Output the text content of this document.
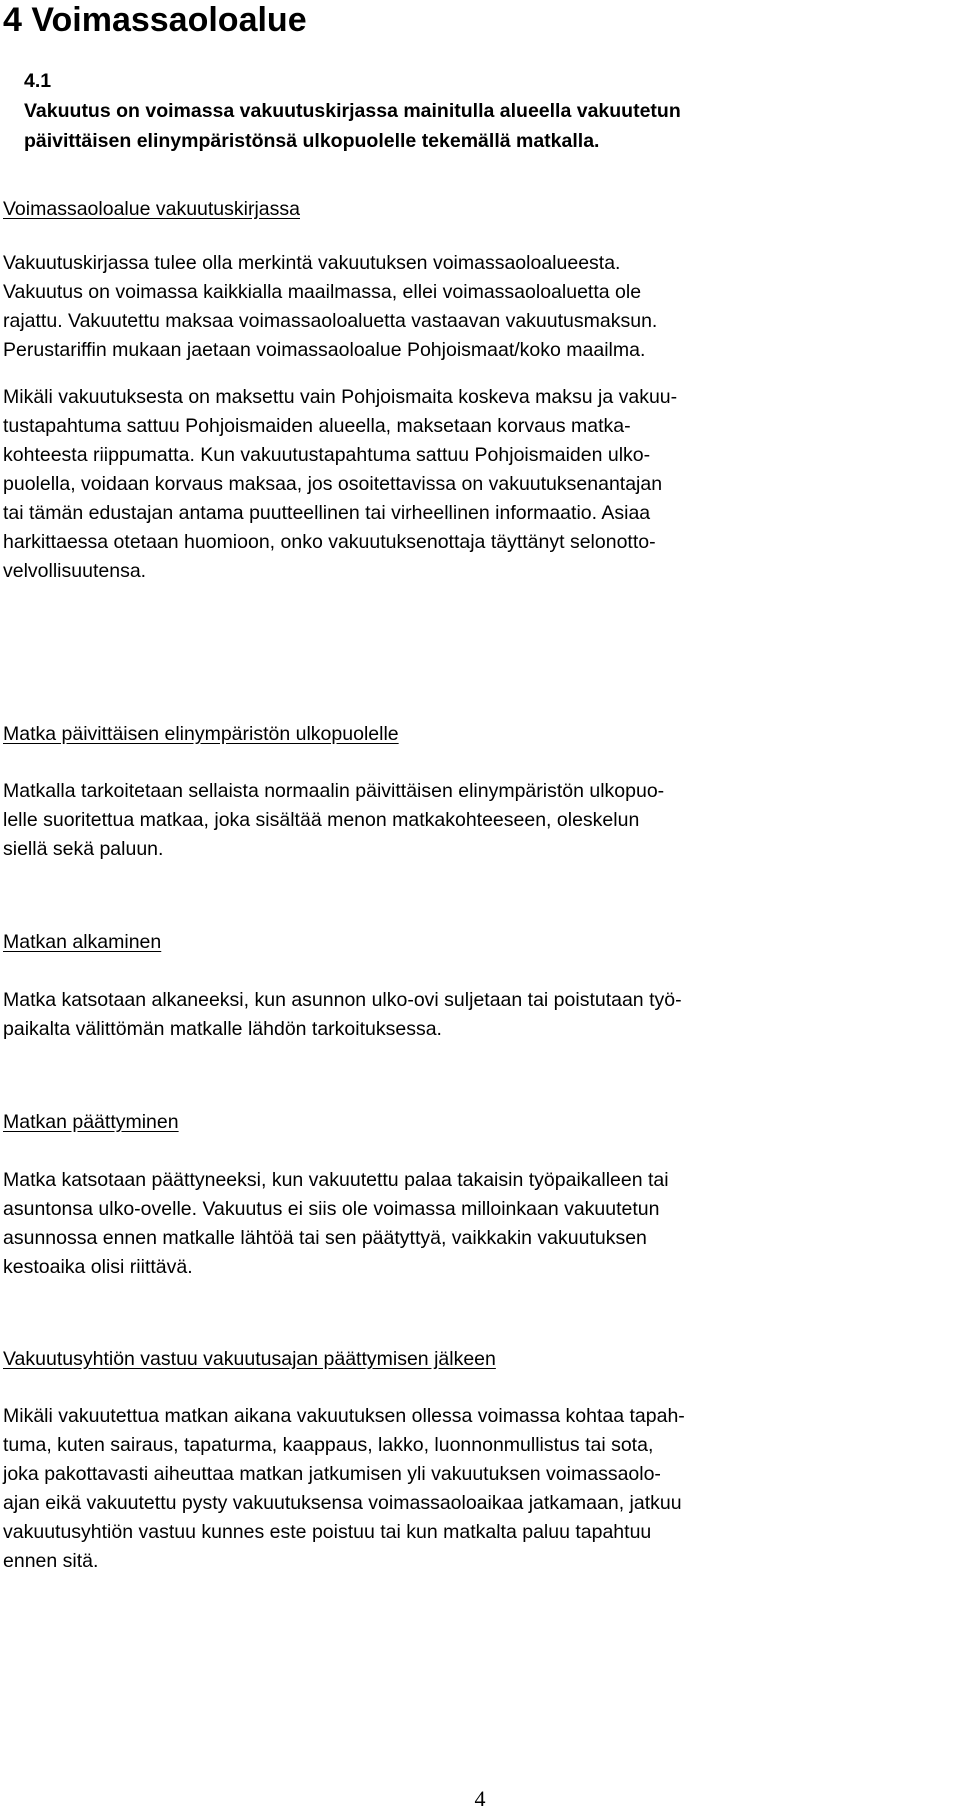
4 Voimassaoloalue
4.1
Vakuutus on voimassa vakuutuskirjassa mainitulla alueella vakuutetun
päivittäisen elinympäristönsä ulkopuolelle tekemällä matkalla.
Voimassaoloalue vakuutuskirjassa

Vakuutuskirjassa tulee olla merkintä vakuutuksen voimassaoloalueesta.
Vakuutus on voimassa kaikkialla maailmassa, ellei voimassaoloaluetta ole
rajattu. Vakuutettu maksaa voimassaoloaluetta vastaavan vakuutusmaksun.
Perustariffin mukaan jaetaan voimassaoloalue Pohjoismaat/koko maailma.

Mikäli vakuutuksesta on maksettu vain Pohjoismaita koskeva maksu ja vakuu-
tustapahtuma sattuu Pohjoismaiden alueella, maksetaan korvaus matka-
kohteesta riippumatta. Kun vakuutustapahtuma sattuu Pohjoismaiden ulko-
puolella, voidaan korvaus maksaa, jos osoitettavissa on vakuutuksenantajan
tai tämän edustajan antama puutteellinen tai virheellinen informaatio. Asiaa
harkittaessa otetaan huomioon, onko vakuutuksenottaja täyttänyt selonotto-
velvollisuutensa.

Matka päivittäisen elinympäristön ulkopuolelle

Matkalla tarkoitetaan sellaista normaalin päivittäisen elinympäristön ulkopuo-
lelle suoritettua matkaa, joka sisältää menon matkakohteeseen, oleskelun
siellä sekä paluun.

Matkan alkaminen

Matka katsotaan alkaneeksi, kun asunnon ulko-ovi suljetaan tai poistutaan työ-
paikalta välittömän matkalle lähdön tarkoituksessa.

Matkan päättyminen

Matka katsotaan päättyneeksi, kun vakuutettu palaa takaisin työpaikalleen tai
asuntonsa ulko-ovelle. Vakuutus ei siis ole voimassa milloinkaan vakuutetun
asunnossa ennen matkalle lähtöä tai sen päätyttyä, vaikkakin vakuutuksen
kestoaika olisi riittävä.

Vakuutusyhtiön vastuu vakuutusajan päättymisen jälkeen

Mikäli vakuutettua matkan aikana vakuutuksen ollessa voimassa kohtaa tapah-
tuma, kuten sairaus, tapaturma, kaappaus, lakko, luonnonmullistus tai sota,
joka pakottavasti aiheuttaa matkan jatkumisen yli vakuutuksen voimassaolo-
ajan eikä vakuutettu pysty vakuutuksensa voimassaoloaikaa jatkamaan, jatkuu
vakuutusyhtiön vastuu kunnes este poistuu tai kun matkalta paluu tapahtuu
ennen sitä.

4
